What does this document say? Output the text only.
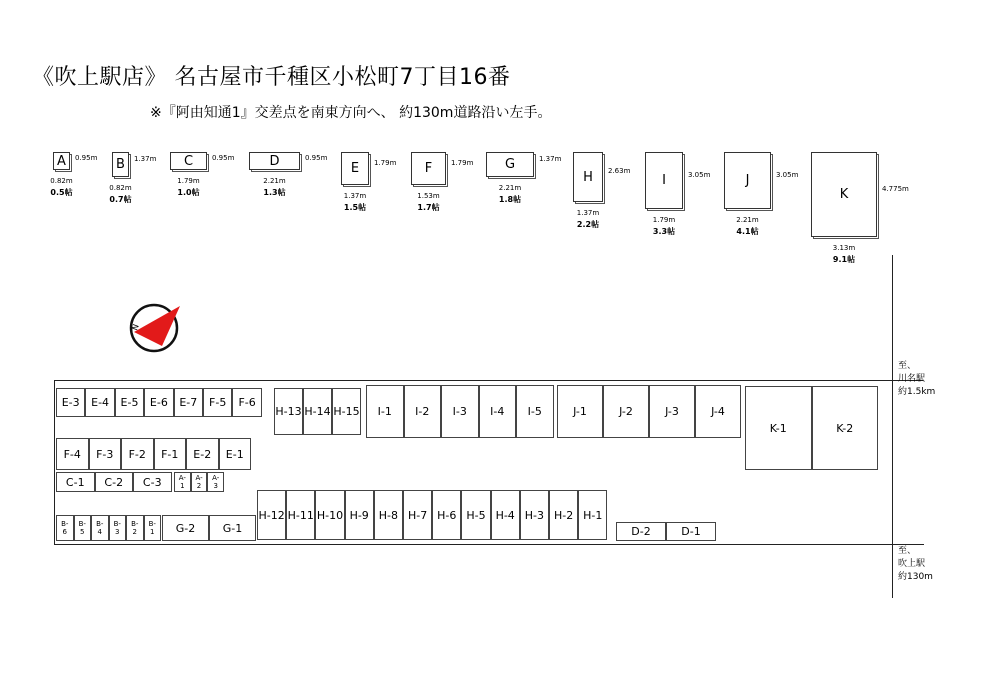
《吹上駅店》 名古屋市千種区小松町7丁目16番
※『阿由知通1』交差点を南東方向へ、 約130m道路沿い左手。
A	0.95m
0.82m
0.5帖
B	1.37m
0.82m
0.7帖
C	0.95m
1.79m
1.0帖
D	0.95m
2.21m
1.3帖
E	1.79m
1.37m
1.5帖
F	1.79m
1.53m
1.7帖
G	1.37m
2.21m
1.8帖
H	2.63m
1.37m
2.2帖
I	3.05m
1.79m
3.3帖
J	3.05m
2.21m
4.1帖
K	4.775m
3.13m
9.1帖
N
E-3	E-4	E-5	E-6	E-7	F-5	F-6
H-13 H-14 H-15	I-1	I-2	I-3	I-4	I-5	J-1	J-2	J-3	J-4
K-1	K-2
F-4	F-3	F-2	F-1	E-2	E-1
C-1	C-2	C-3	A-
1
A-
2
A-
3
H-12 H-11 H-10 H-9 H-8 H-7 H-6 H-5 H-4 H-3 H-2 H-1
B-
6
B-
5
B-
4
B-
3
B-
2
B-
1	G-2	G-1	D-2	D-1
至、
川名駅
約1.5km
至、
吹上駅
約130m
